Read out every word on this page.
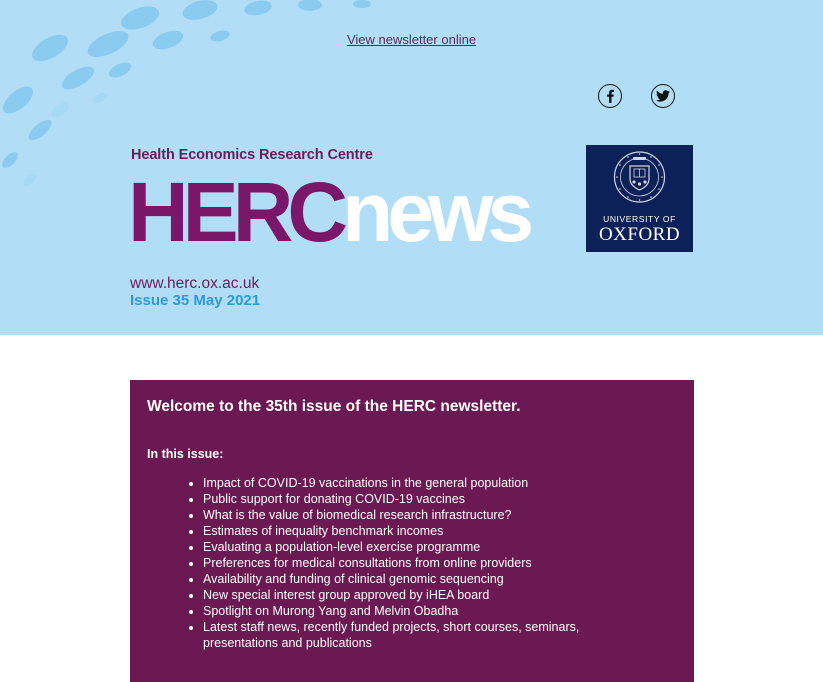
View newsletter online
Health Economics Research Centre
HERCnews
www.herc.ox.ac.uk
Issue 35 May 2021
UNIVERSITY OF
OXFORD
Welcome to the 35th issue of the HERC newsletter.
In this issue:
• Impact of COVID-19 vaccinations in the general population
• Public support for donating COVID-19 vaccines
• What is the value of biomedical research infrastructure?
• Estimates of inequality benchmark incomes
• Evaluating a population-level exercise programme
• Preferences for medical consultations from online providers
• Availability and funding of clinical genomic sequencing
• New special interest group approved by iHEA board
• Spotlight on Murong Yang and Melvin Obadha
• Latest staff news, recently funded projects, short courses, seminars, presentations and publications
